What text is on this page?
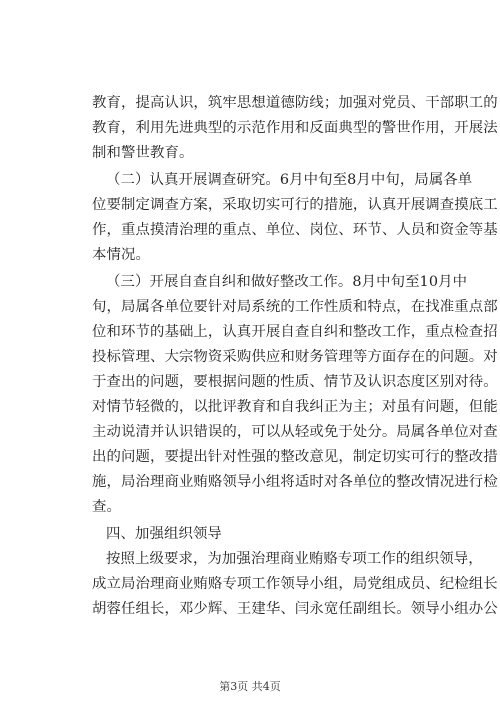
教育，提高认识，筑牢思想道德防线；加强对党员、干部职工的
教育，利用先进典型的示范作用和反面典型的警世作用，开展法
制和警世教育。
（二）认真开展调查研究。6月中旬至8月中旬，局属各单
位要制定调查方案，采取切实可行的措施，认真开展调查摸底工
作，重点摸清治理的重点、单位、岗位、环节、人员和资金等基
本情况。
（三）开展自查自纠和做好整改工作。8月中旬至10月中
旬，局属各单位要针对局系统的工作性质和特点，在找准重点部
位和环节的基础上，认真开展自查自纠和整改工作，重点检查招
投标管理、大宗物资采购供应和财务管理等方面存在的问题。对
于查出的问题，要根据问题的性质、情节及认识态度区别对待。
对情节轻微的，以批评教育和自我纠正为主；对虽有问题，但能
主动说清并认识错误的，可以从轻或免于处分。局属各单位对查
出的问题，要提出针对性强的整改意见，制定切实可行的整改措
施，局治理商业贿赂领导小组将适时对各单位的整改情况进行检
查。
四、加强组织领导
按照上级要求，为加强治理商业贿赂专项工作的组织领导，
成立局治理商业贿赂专项工作领导小组，局党组成员、纪检组长
胡蓉任组长，邓少辉、王建华、闫永宽任副组长。领导小组办公
第3页 共4页
